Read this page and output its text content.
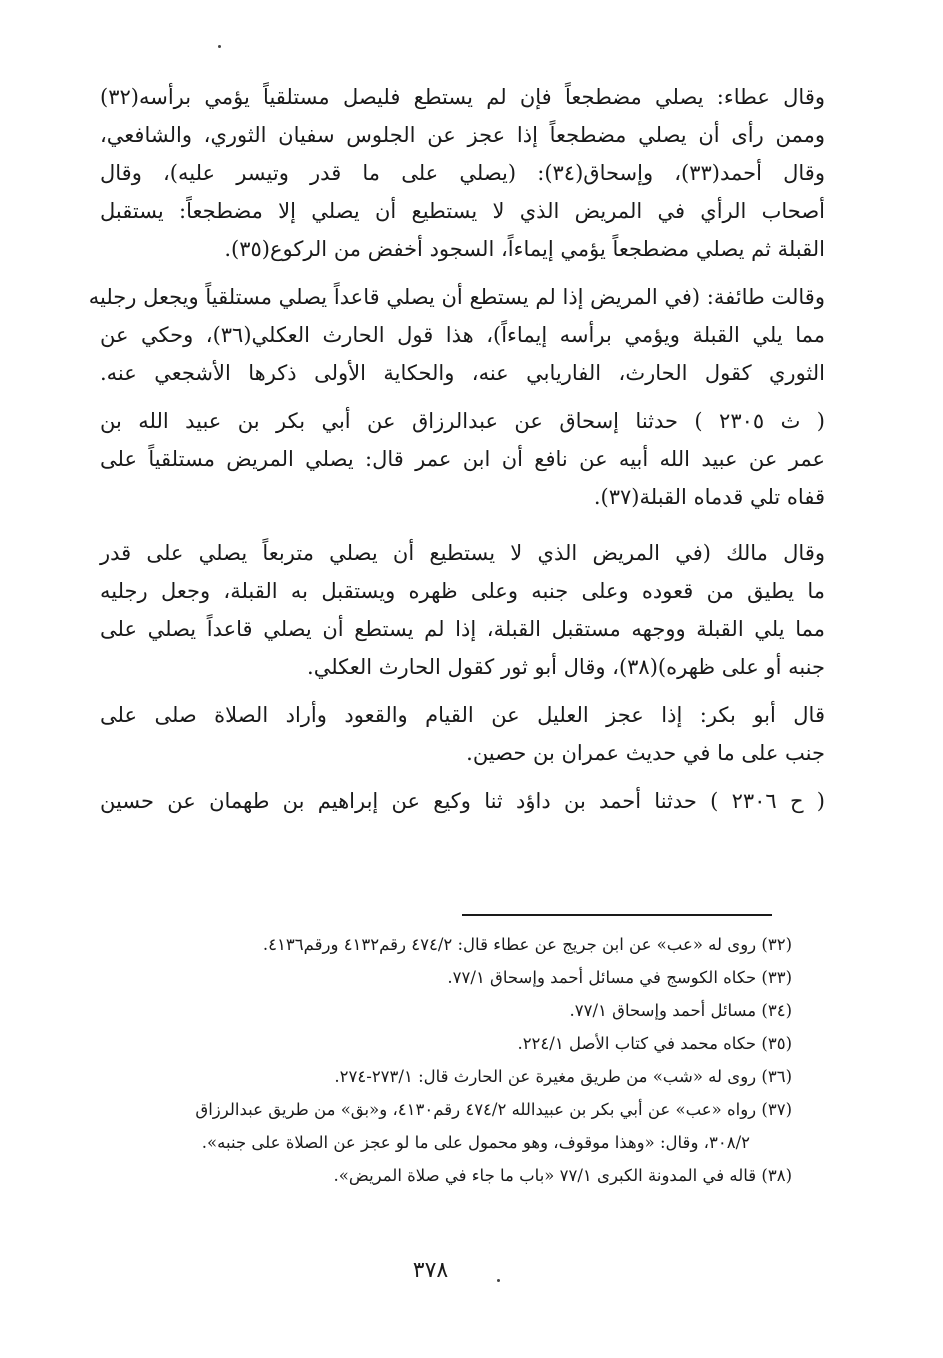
وقال عطاء: يصلي مضطجعاً فإن لم يستطع فليصل مستلقياً يؤمي برأسه(٣٢)
وممن رأى أن يصلي مضطجعاً إذا عجز عن الجلوس سفيان الثوري، والشافعي،
وقال أحمد(٣٣)، وإسحاق(٣٤): (يصلي على ما قدر وتيسر عليه)، وقال
أصحاب الرأي في المريض الذي لا يستطيع أن يصلي إلا مضطجعاً: يستقبل
القبلة ثم يصلي مضطجعاً يؤمي إيماءاً، السجود أخفض من الركوع(٣٥).
وقالت طائفة: (في المريض إذا لم يستطع أن يصلي قاعداً يصلي مستلقياً ويجعل رجليه
مما يلي القبلة ويؤمي برأسه إيماءاً)، هذا قول الحارث العكلي(٣٦)، وحكي عن
الثوري كقول الحارث، الفاريابي عنه، والحكاية الأولى ذكرها الأشجعي عنه.
( ث ٢٣٠٥ ) حدثنا إسحاق عن عبدالرزاق عن أبي بكر بن عبيد الله بن
عمر عن عبيد الله أبيه عن نافع أن ابن عمر قال: يصلي المريض مستلقياً على
قفاه تلي قدماه القبلة(٣٧).
وقال مالك (في المريض الذي لا يستطيع أن يصلي متربعاً يصلي على قدر
ما يطيق من قعوده وعلى جنبه وعلى ظهره ويستقبل به القبلة، وجعل رجليه
مما يلي القبلة ووجهه مستقبل القبلة، إذا لم يستطع أن يصلي قاعداً يصلي على
جنبه أو على ظهره)(٣٨)، وقال أبو ثور كقول الحارث العكلي.
قال أبو بكر: إذا عجز العليل عن القيام والقعود وأراد الصلاة صلى على
جنب على ما في حديث عمران بن حصين.
( ح ٢٣٠٦ ) حدثنا أحمد بن داؤد ثنا وكيع عن إبراهيم بن طهمان عن حسين
(٣٢) روى له «عب» عن ابن جريج عن عطاء قال: ٤٧٤/٢ رقم٤١٣٢ ورقم٤١٣٦.
(٣٣) حكاه الكوسج في مسائل أحمد وإسحاق ٧٧/١.
(٣٤) مسائل أحمد وإسحاق ٧٧/١.
(٣٥) حكاه محمد في كتاب الأصل ٢٢٤/١.
(٣٦) روى له «شب» من طريق مغيرة عن الحارث قال: ٢٧٣/١-٢٧٤.
(٣٧) رواه «عب» عن أبي بكر بن عبيدالله ٤٧٤/٢ رقم٤١٣٠، و«بق» من طريق عبدالرزاق
٣٠٨/٢، وقال: «وهذا موقوف، وهو محمول على ما لو عجز عن الصلاة على جنبه».
(٣٨) قاله في المدونة الكبرى ٧٧/١ «باب ما جاء في صلاة المريض».
٣٧٨
